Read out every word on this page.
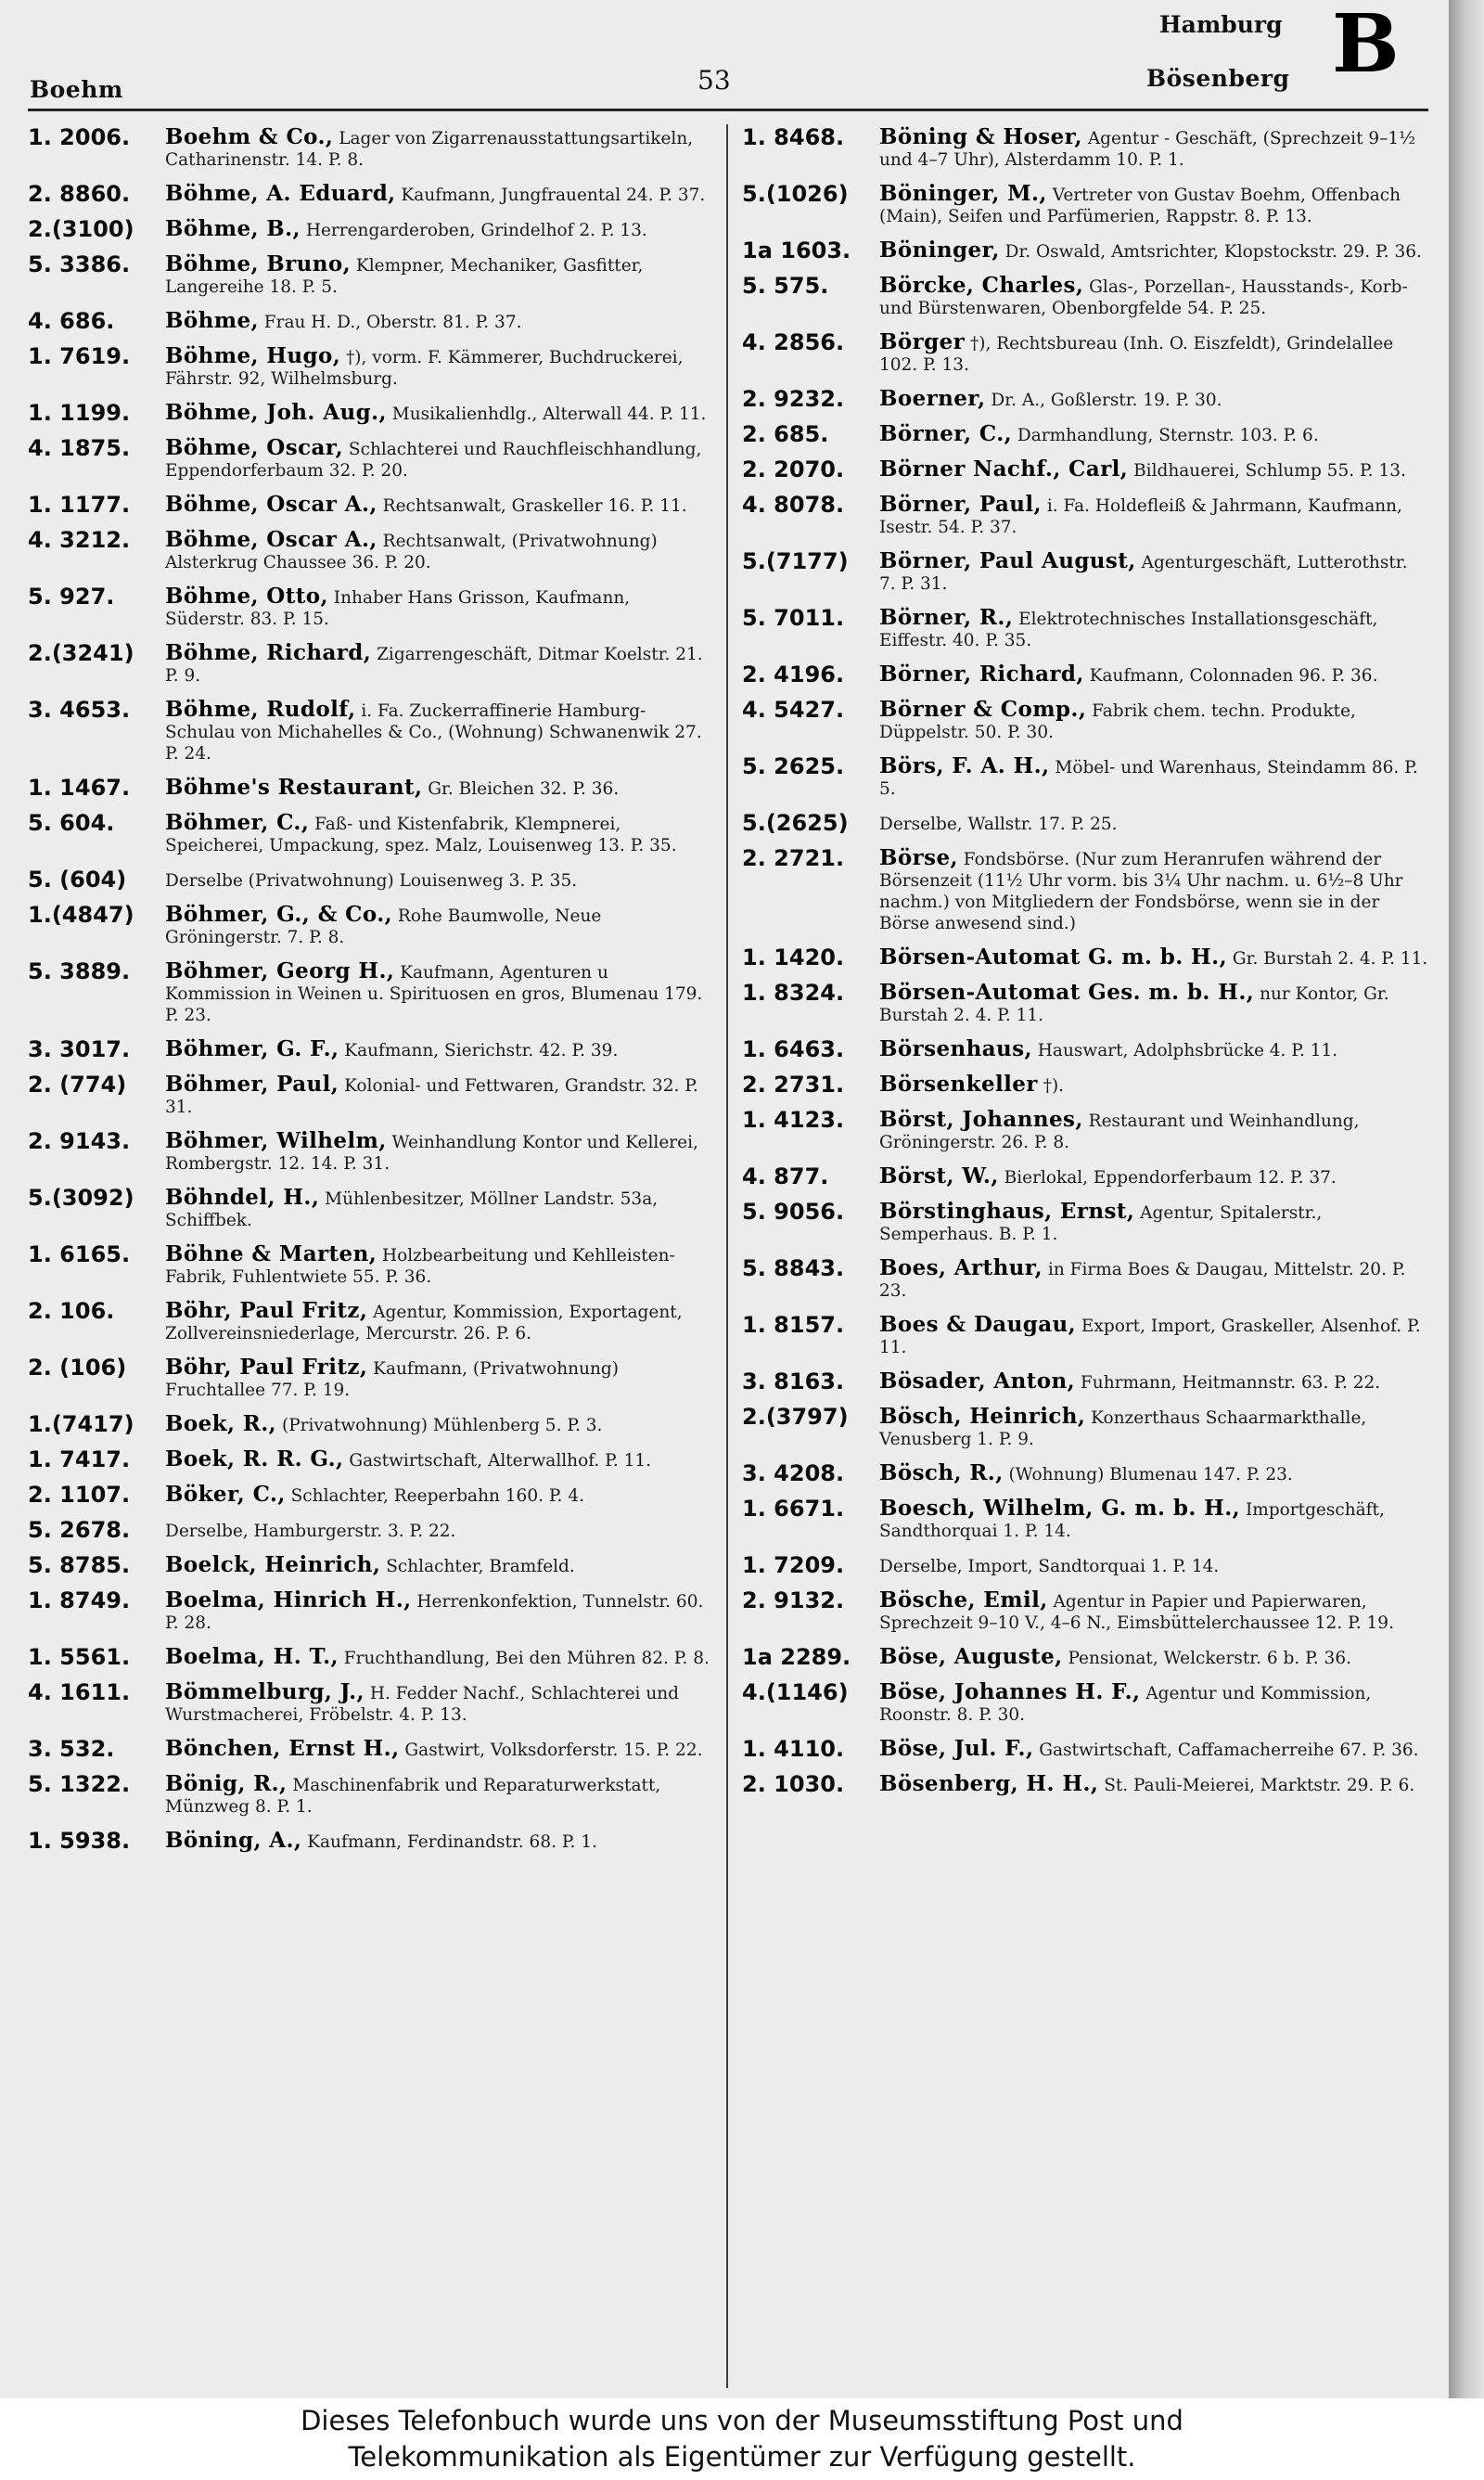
Boehm	53
Hamburg
Bösenberg B
1. 2006.	Boehm & Co., Lager von Zigarrenausstattungsartikeln, Catharinenstr. 14. P. 8.
2. 8860.	Böhme, A. Eduard, Kaufmann, Jungfrauental 24. P. 37.
2.(3100)	Böhme, B., Herrengarderoben, Grindelhof 2. P. 13.
5. 3386.	Böhme, Bruno, Klempner, Mechaniker, Gasfitter, Langereihe 18. P. 5.
4. 686.	Böhme, Frau H. D., Oberstr. 81. P. 37.
1. 7619.	Böhme, Hugo, †), vorm. F. Kämmerer, Buchdruckerei, Fährstr. 92, Wilhelmsburg.
1. 1199.	Böhme, Joh. Aug., Musikalienhdlg., Alterwall 44. P. 11.
4. 1875.	Böhme, Oscar, Schlachterei und Rauchfleischhandlung, Eppendorferbaum 32. P. 20.
1. 1177.	Böhme, Oscar A., Rechtsanwalt, Graskeller 16. P. 11.
4. 3212.	Böhme, Oscar A., Rechtsanwalt, (Privatwohnung) Alsterkrug Chaussee 36. P. 20.
5. 927.	Böhme, Otto, Inhaber Hans Grisson, Kaufmann, Süderstr. 83. P. 15.
2.(3241)	Böhme, Richard, Zigarrengeschäft, Ditmar Koelstr. 21. P. 9.
3. 4653.	Böhme, Rudolf, i. Fa. Zuckerraffinerie Hamburg-Schulau von Michahelles & Co., (Wohnung) Schwanenwik 27. P. 24.
1. 1467.	Böhme's Restaurant, Gr. Bleichen 32. P. 36.
5. 604.	Böhmer, C., Faß- und Kistenfabrik, Klempnerei, Speicherei, Umpackung, spez. Malz, Louisenweg 13. P. 35.
5. (604)	Derselbe (Privatwohnung) Louisenweg 3. P. 35.
1.(4847)	Böhmer, G., & Co., Rohe Baumwolle, Neue Gröningerstr. 7. P. 8.
5. 3889.	Böhmer, Georg H., Kaufmann, Agenturen u Kommission in Weinen u. Spirituosen en gros, Blumenau 179. P. 23.
3. 3017.	Böhmer, G. F., Kaufmann, Sierichstr. 42. P. 39.
2. (774)	Böhmer, Paul, Kolonial- und Fettwaren, Grandstr. 32. P. 31.
2. 9143.	Böhmer, Wilhelm, Weinhandlung Kontor und Kellerei, Rombergstr. 12. 14. P. 31.
5.(3092)	Böhndel, H., Mühlenbesitzer, Möllner Landstr. 53a, Schiffbek.
1. 6165.	Böhne & Marten, Holzbearbeitung und Kehlleisten-Fabrik, Fuhlentwiete 55. P. 36.
2. 106.	Böhr, Paul Fritz, Agentur, Kommission, Exportagent, Zollvereinsniederlage, Mercurstr. 26. P. 6.
2. (106)	Böhr, Paul Fritz, Kaufmann, (Privatwohnung) Fruchtallee 77. P. 19.
1.(7417)	Boek, R., (Privatwohnung) Mühlenberg 5. P. 3.
1. 7417.	Boek, R. R. G., Gastwirtschaft, Alterwallhof. P. 11.
2. 1107.	Böker, C., Schlachter, Reeperbahn 160. P. 4.
5. 2678.	Derselbe, Hamburgerstr. 3. P. 22.
5. 8785.	Boelck, Heinrich, Schlachter, Bramfeld.
1. 8749.	Boelma, Hinrich H., Herrenkonfektion, Tunnelstr. 60. P. 28.
1. 5561.	Boelma, H. T., Fruchthandlung, Bei den Mühren 82. P. 8.
4. 1611.	Bömmelburg, J., H. Fedder Nachf., Schlachterei und Wurstmacherei, Fröbelstr. 4. P. 13.
3. 532.	Bönchen, Ernst H., Gastwirt, Volksdorferstr. 15. P. 22.
5. 1322.	Bönig, R., Maschinenfabrik und Reparaturwerkstatt, Münzweg 8. P. 1.
1. 5938.	Böning, A., Kaufmann, Ferdinandstr. 68. P. 1.
1. 8468.	Böning & Hoser, Agentur - Geschäft, (Sprechzeit 9–1½ und 4–7 Uhr), Alsterdamm 10. P. 1.
5.(1026)	Böninger, M., Vertreter von Gustav Boehm, Offenbach (Main), Seifen und Parfümerien, Rappstr. 8. P. 13.
1a 1603.	Böninger, Dr. Oswald, Amtsrichter, Klopstockstr. 29. P. 36.
5. 575.	Börcke, Charles, Glas-, Porzellan-, Hausstands-, Korb- und Bürstenwaren, Obenborgfelde 54. P. 25.
4. 2856.	Börger †), Rechtsbureau (Inh. O. Eiszfeldt), Grindelallee 102. P. 13.
2. 9232.	Boerner, Dr. A., Goßlerstr. 19. P. 30.
2. 685.	Börner, C., Darmhandlung, Sternstr. 103. P. 6.
2. 2070.	Börner Nachf., Carl, Bildhauerei, Schlump 55. P. 13.
4. 8078.	Börner, Paul, i. Fa. Holdefleiß & Jahrmann, Kaufmann, Isestr. 54. P. 37.
5.(7177)	Börner, Paul August, Agenturgeschäft, Lutterothstr. 7. P. 31.
5. 7011.	Börner, R., Elektrotechnisches Installationsgeschäft, Eiffestr. 40. P. 35.
2. 4196.	Börner, Richard, Kaufmann, Colonnaden 96. P. 36.
4. 5427.	Börner & Comp., Fabrik chem. techn. Produkte, Düppelstr. 50. P. 30.
5. 2625.	Börs, F. A. H., Möbel- und Warenhaus, Steindamm 86. P. 5.
5.(2625)	Derselbe, Wallstr. 17. P. 25.
2. 2721.	Börse, Fondsbörse. (Nur zum Heranrufen während der Börsenzeit (11½ Uhr vorm. bis 3¼ Uhr nachm. u. 6½–8 Uhr nachm.) von Mitgliedern der Fondsbörse, wenn sie in der Börse anwesend sind.)
1. 1420.	Börsen-Automat G. m. b. H., Gr. Burstah 2. 4. P. 11.
1. 8324.	Börsen-Automat Ges. m. b. H., nur Kontor, Gr. Burstah 2. 4. P. 11.
1. 6463.	Börsenhaus, Hauswart, Adolphsbrücke 4. P. 11.
2. 2731.	Börsenkeller †).
1. 4123.	Börst, Johannes, Restaurant und Weinhandlung, Gröningerstr. 26. P. 8.
4. 877.	Börst, W., Bierlokal, Eppendorferbaum 12. P. 37.
5. 9056.	Börstinghaus, Ernst, Agentur, Spitalerstr., Semperhaus. B. P. 1.
5. 8843.	Boes, Arthur, in Firma Boes & Daugau, Mittelstr. 20. P. 23.
1. 8157.	Boes & Daugau, Export, Import, Graskeller, Alsenhof. P. 11.
3. 8163.	Bösader, Anton, Fuhrmann, Heitmannstr. 63. P. 22.
2.(3797)	Bösch, Heinrich, Konzerthaus Schaarmarkthalle, Venusberg 1. P. 9.
3. 4208.	Bösch, R., (Wohnung) Blumenau 147. P. 23.
1. 6671.	Boesch, Wilhelm, G. m. b. H., Importgeschäft, Sandthorquai 1. P. 14.
1. 7209.	Derselbe, Import, Sandtorquai 1. P. 14.
2. 9132.	Bösche, Emil, Agentur in Papier und Papierwaren, Sprechzeit 9–10 V., 4–6 N., Eimsbüttelerchaussee 12. P. 19.
1a 2289.	Böse, Auguste, Pensionat, Welckerstr. 6 b. P. 36.
4.(1146)	Böse, Johannes H. F., Agentur und Kommission, Roonstr. 8. P. 30.
1. 4110.	Böse, Jul. F., Gastwirtschaft, Caffamacherreihe 67. P. 36.
2. 1030.	Bösenberg, H. H., St. Pauli-Meierei, Marktstr. 29. P. 6.
Dieses Telefonbuch wurde uns von der Museumsstiftung Post und
Telekommunikation als Eigentümer zur Verfügung gestellt.
